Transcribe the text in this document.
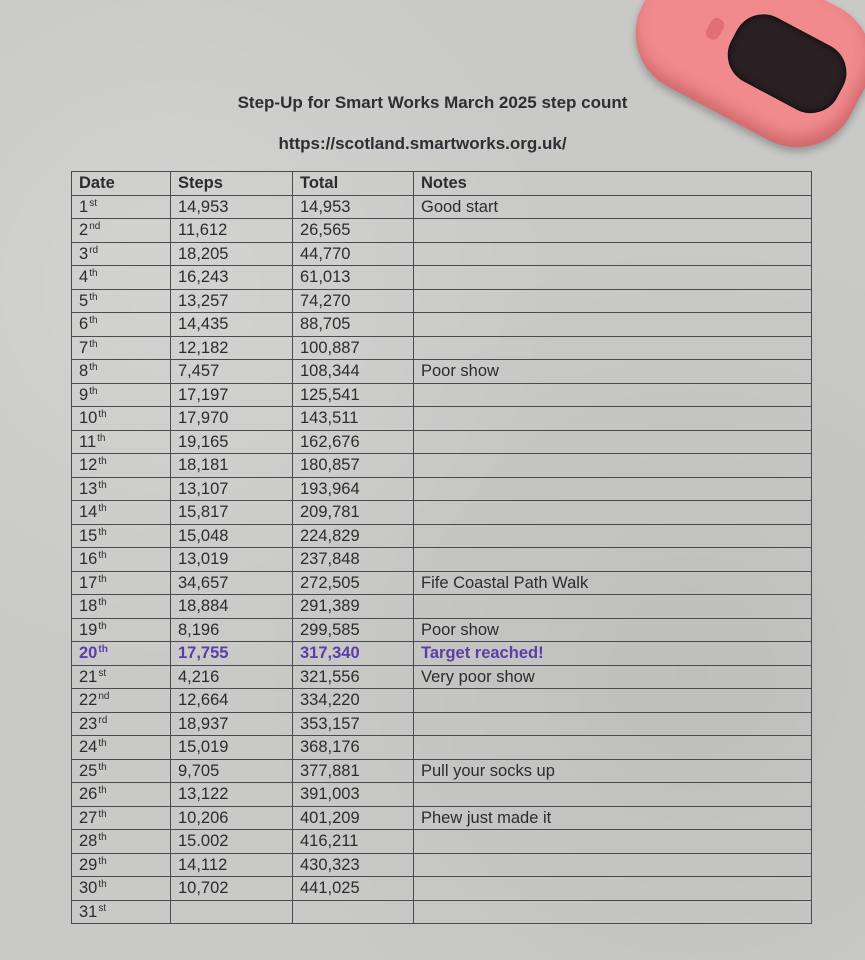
Step-Up for Smart Works March 2025 step count
https://scotland.smartworks.org.uk/
Date	Steps	Total	Notes
1st	14,953	14,953	Good start
2nd	11,612	26,565	
3rd	18,205	44,770	
4th	16,243	61,013	
5th	13,257	74,270	
6th	14,435	88,705	
7th	12,182	100,887	
8th	7,457	108,344	Poor show
9th	17,197	125,541	
10th	17,970	143,511	
11th	19,165	162,676	
12th	18,181	180,857	
13th	13,107	193,964	
14th	15,817	209,781	
15th	15,048	224,829	
16th	13,019	237,848	
17th	34,657	272,505	Fife Coastal Path Walk
18th	18,884	291,389	
19th	8,196	299,585	Poor show
20th	17,755	317,340	Target reached!
21st	4,216	321,556	Very poor show
22nd	12,664	334,220	
23rd	18,937	353,157	
24th	15,019	368,176	
25th	9,705	377,881	Pull your socks up
26th	13,122	391,003	
27th	10,206	401,209	Phew just made it
28th	15.002	416,211	
29th	14,112	430,323	
30th	10,702	441,025	
31st			
